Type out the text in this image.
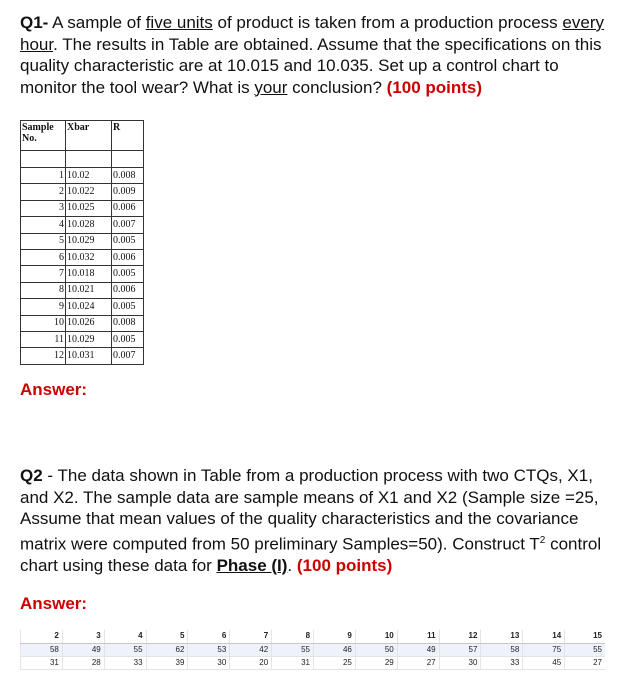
Q1- A sample of five units of product is taken from a production process every hour. The results in Table are obtained. Assume that the specifications on this quality characteristic are at 10.015 and 10.035. Set up a control chart to monitor the tool wear? What is your conclusion? (100 points)
Sample No.	Xbar	R

1	10.02	0.008
2	10.022	0.009
3	10.025	0.006
4	10.028	0.007
5	10.029	0.005
6	10.032	0.006
7	10.018	0.005
8	10.021	0.006
9	10.024	0.005
10	10.026	0.008
11	10.029	0.005
12	10.031	0.007
Answer:
Q2 - The data shown in Table from a production process with two CTQs, X1, and X2. The sample data are sample means of X1 and X2 (Sample size =25, Assume that mean values of the quality characteristics and the covariance matrix were computed from 50 preliminary Samples=50). Construct $T^2$ control chart using these data for Phase (I). (100 points)
Answer:
2	3	4	5	6	7	8	9	10	11	12	13	14	15
58	49	55	62	53	42	55	46	50	49	57	58	75	55
31	28	33	39	30	20	31	25	29	27	30	33	45	27
